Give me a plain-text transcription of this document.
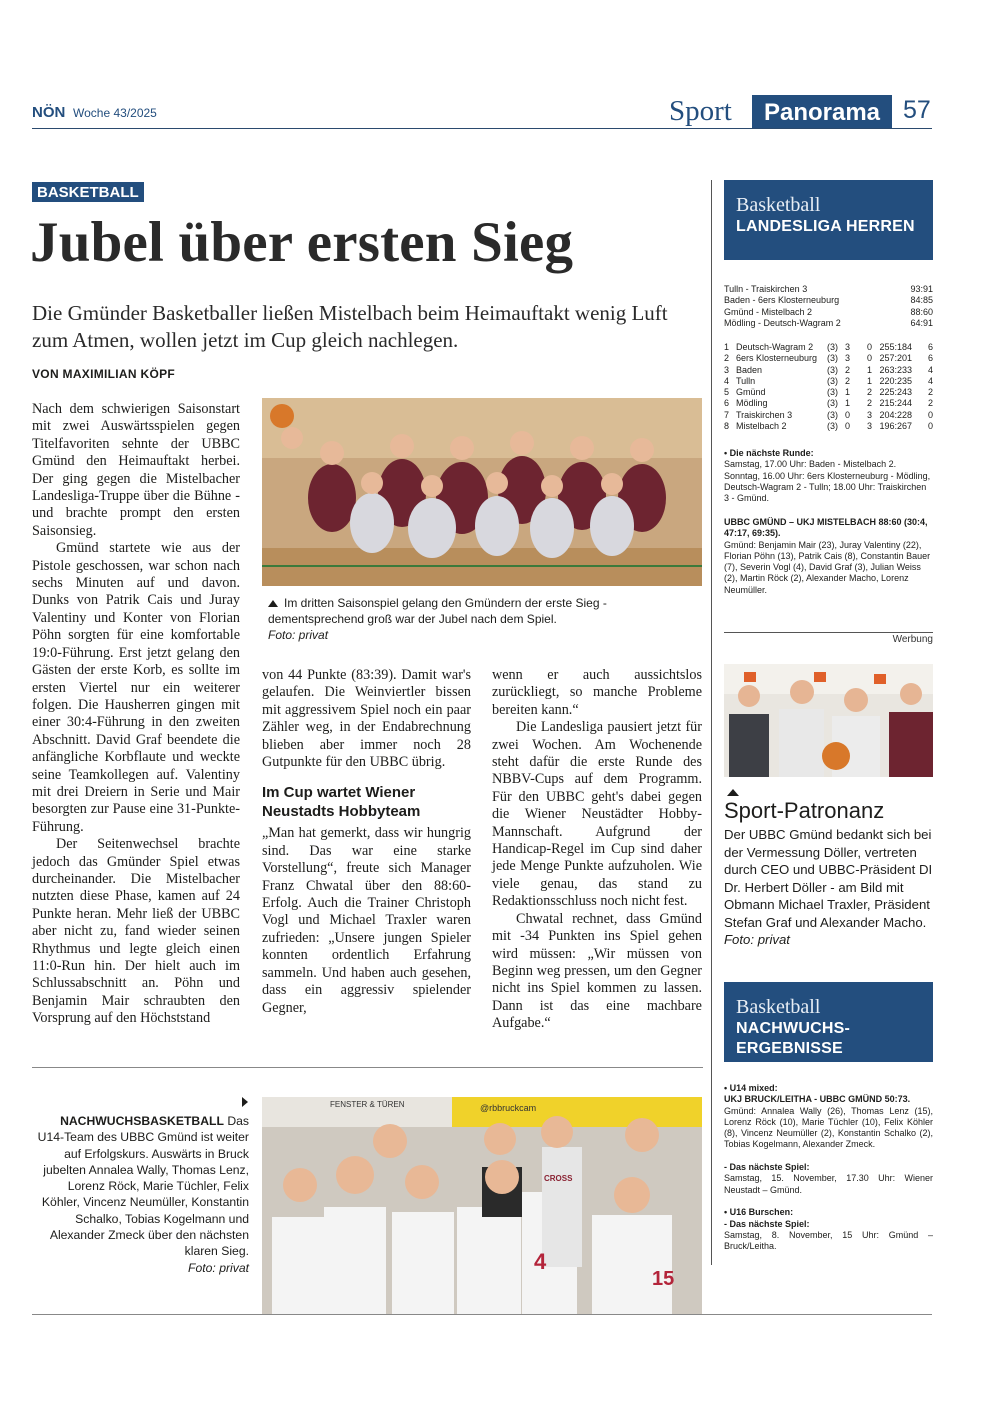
NÖN Woche 43/2025	Sport	Panorama 57
BASKETBALL
Jubel über ersten Sieg
Die Gmünder Basketballer ließen Mistelbach beim Heimauftakt wenig Luft zum Atmen, wollen jetzt im Cup gleich nachlegen.
VON MAXIMILIAN KÖPF

Nach dem schwierigen Saisonstart mit zwei Auswärtsspielen gegen Titelfavoriten sehnte der UBBC Gmünd den Heimauftakt herbei. Der ging gegen die Mistelbacher Landesliga-Truppe über die Bühne - und brachte prompt den ersten Saisonsieg.

Gmünd startete wie aus der Pistole geschossen, war schon nach sechs Minuten auf und davon. Dunks von Patrik Cais und Juray Valentiny und Konter von Florian Pöhn sorgten für eine komfortable 19:0-Führung. Erst jetzt gelang den Gästen der erste Korb, es sollte im ersten Viertel nur ein weiterer folgen. Die Hausherren gingen mit einer 30:4-Führung in den zweiten Abschnitt. David Graf beendete die anfängliche Korbflaute und weckte seine Teamkollegen auf. Valentiny mit drei Dreiern in Serie und Mair besorgten zur Pause eine 31-Punkte-Führung.

Der Seitenwechsel brachte jedoch das Gmünder Spiel etwas durcheinander. Die Mistelbacher nutzten diese Phase, kamen auf 24 Punkte heran. Mehr ließ der UBBC aber nicht zu, fand wieder seinen Rhythmus und legte gleich einen 11:0-Run hin. Der hielt auch im Schlussabschnitt an. Pöhn und Benjamin Mair schraubten den Vorsprung auf den Höchststand

Im dritten Saisonspiel gelang den Gmündern der erste Sieg - dementsprechend groß war der Jubel nach dem Spiel.
Foto: privat

von 44 Punkte (83:39). Damit war's gelaufen. Die Weinviertler bissen mit aggressivem Spiel noch ein paar Zähler weg, in der Endabrechnung blieben aber immer noch 28 Gutpunkte für den UBBC übrig.

Im Cup wartet Wiener Neustadts Hobbyteam

„Man hat gemerkt, dass wir hungrig sind. Das war eine starke Vorstellung“, freute sich Manager Franz Chwatal über den 88:60-Erfolg. Auch die Trainer Christoph Vogl und Michael Traxler waren zufrieden: „Unsere jungen Spieler konnten ordentlich Erfahrung sammeln. Und haben auch gesehen, dass ein aggressiv spielender Gegner,

wenn er auch aussichtslos zurückliegt, so manche Probleme bereiten kann.“

Die Landesliga pausiert jetzt für zwei Wochen. Am Wochenende steht dafür die erste Runde des NBBV-Cups auf dem Programm. Für den UBBC geht's dabei gegen die Wiener Neustädter Hobby-Mannschaft. Aufgrund der Handicap-Regel im Cup sind daher jede Menge Punkte aufzuholen. Wie viele genau, das stand zu Redaktionsschluss noch nicht fest.

Chwatal rechnet, dass Gmünd mit -34 Punkten ins Spiel gehen wird müssen: „Wir müssen von Beginn weg pressen, um den Gegner nicht ins Spiel kommen zu lassen. Dann ist das eine machbare Aufgabe.“

NACHWUCHSBASKETBALL Das U14-Team des UBBC Gmünd ist weiter auf Erfolgskurs. Auswärts in Bruck jubelten Annalea Wally, Thomas Lenz, Lorenz Röck, Marie Tüchler, Felix Köhler, Vincenz Neumüller, Konstantin Schalko, Tobias Kogelmann und Alexander Zmeck über den nächsten klaren Sieg.
Foto: privat
FENSTER & TÜREN	@rbbruckcam
4
15
CROSS
Basketball
LANDESLIGA HERREN
Tulln - Traiskirchen 3	93:91
Baden - 6ers Klosterneuburg	84:85
Gmünd - Mistelbach 2	88:60
Mödling - Deutsch-Wagram 2	64:91
1 Deutsch-Wagram 2	(3) 3	0 255:184	6
2 6ers Klosterneuburg	(3) 3	0 257:201	6
3 Baden	(3) 2	1 263:233	4
4 Tulln	(3) 2	1 220:235	4
5 Gmünd	(3) 1	2 225:243	2
6 Mödling	(3) 1	2 215:244	2
7 Traiskirchen 3	(3) 0	3 204:228	0
8 Mistelbach 2	(3) 0	3 196:267	0
• Die nächste Runde:
Samstag, 17.00 Uhr: Baden - Mistelbach 2. Sonntag, 16.00 Uhr: 6ers Klosterneuburg - Mödling, Deutsch-Wagram 2 - Tulln; 18.00 Uhr: Traiskirchen 3 - Gmünd.
UBBC GMÜND – UKJ MISTELBACH 88:60 (30:4, 47:17, 69:35).
Gmünd: Benjamin Mair (23), Juray Valentiny (22), Florian Pöhn (13), Patrik Cais (8), Constantin Bauer (7), Severin Vogl (4), David Graf (3), Julian Weiss (2), Martin Röck (2), Alexander Macho, Lorenz Neumüller.
Werbung
Sport-Patronanz
Der UBBC Gmünd bedankt sich bei der Vermessung Döller, vertreten durch CEO und UBBC-Präsident DI Dr. Herbert Döller - am Bild mit Obmann Michael Traxler, Präsident Stefan Graf und Alexander Macho.
Foto: privat
Basketball
NACHWUCHS-ERGEBNISSE
• U14 mixed:
UKJ BRUCK/LEITHA - UBBC GMÜND 50:73.
Gmünd: Annalea Wally (26), Thomas Lenz (15), Lorenz Röck (10), Marie Tüchler (10), Felix Köhler (8), Vincenz Neumüller (2), Konstantin Schalko (2), Tobias Kogelmann, Alexander Zmeck.

- Das nächste Spiel:
Samstag, 15. November, 17.30 Uhr: Wiener Neustadt – Gmünd.

• U16 Burschen:
- Das nächste Spiel:
Samstag, 8. November, 15 Uhr: Gmünd – Bruck/Leitha.
